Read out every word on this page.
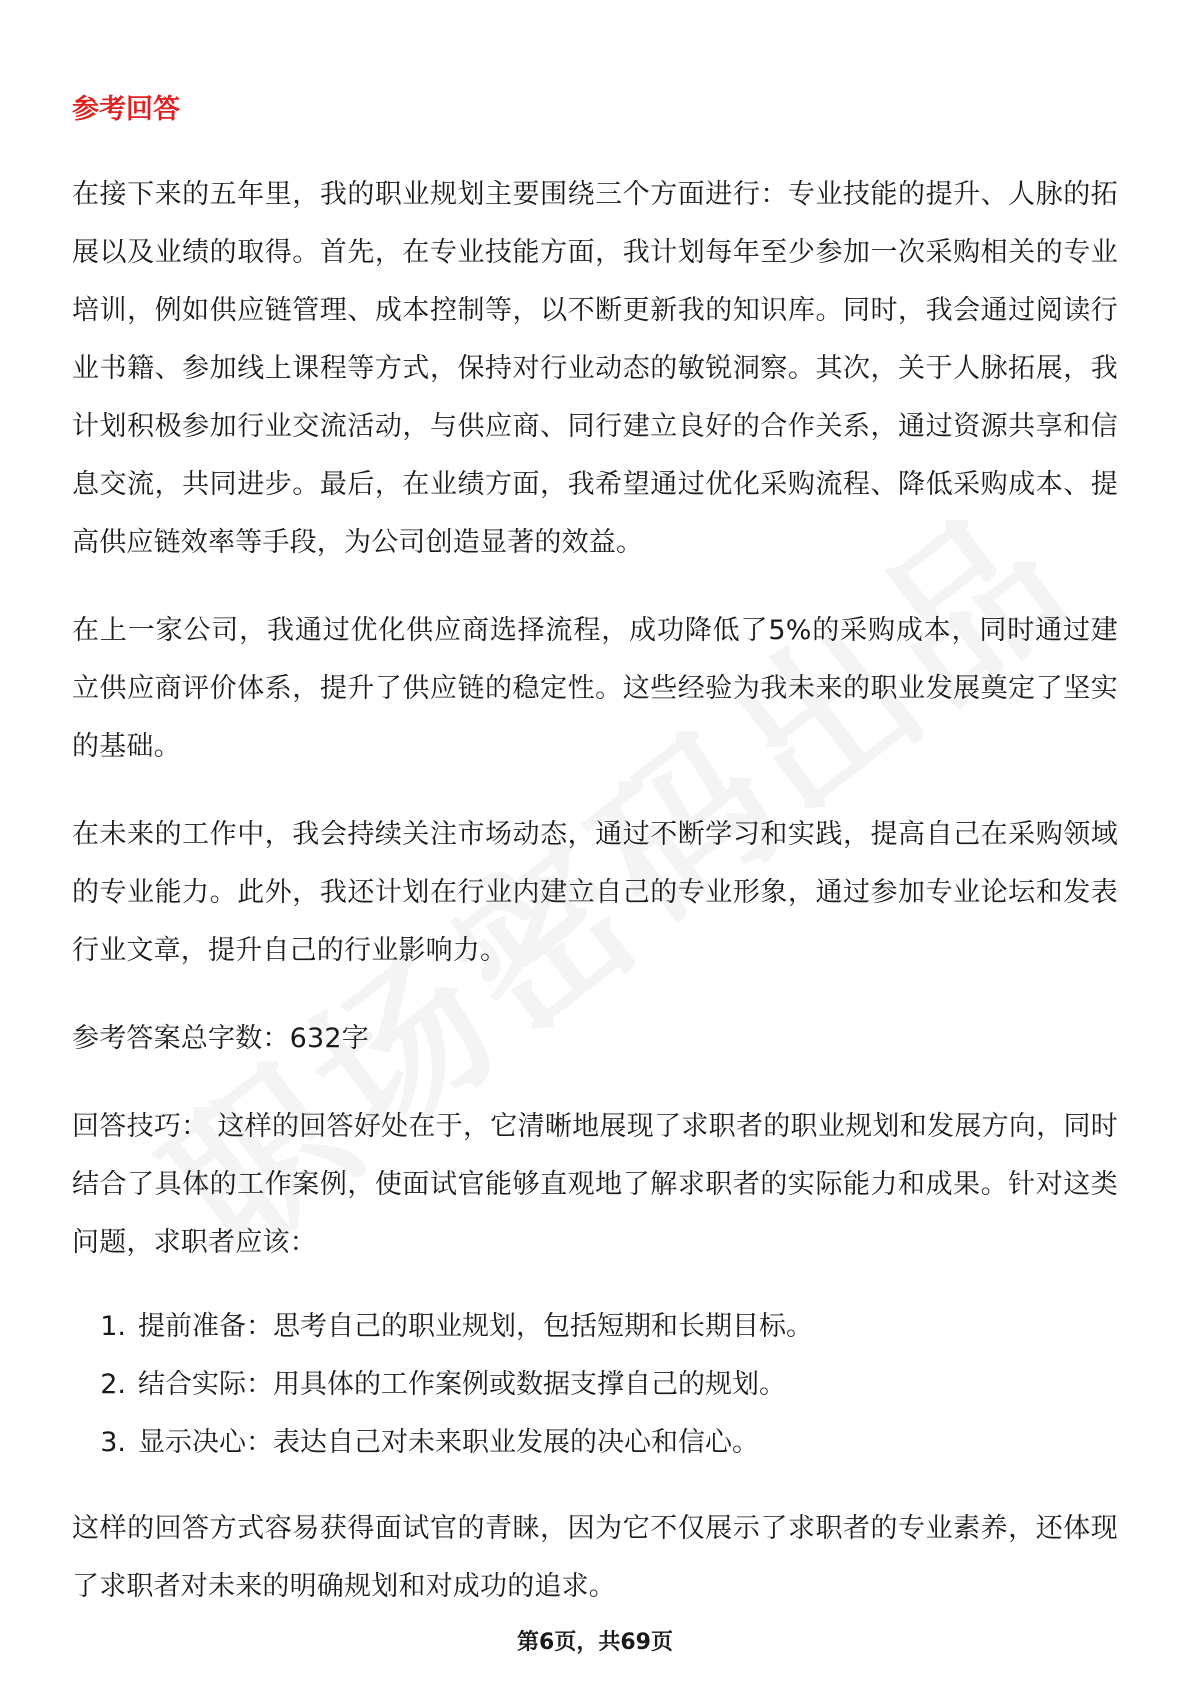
参考回答

在接下来的五年里，我的职业规划主要围绕三个方面进行：专业技能的提升、人脉的拓展以及业绩的取得。首先，在专业技能方面，我计划每年至少参加一次采购相关的专业培训，例如供应链管理、成本控制等，以不断更新我的知识库。同时，我会通过阅读行业书籍、参加线上课程等方式，保持对行业动态的敏锐洞察。其次，关于人脉拓展，我计划积极参加行业交流活动，与供应商、同行建立良好的合作关系，通过资源共享和信息交流，共同进步。最后，在业绩方面，我希望通过优化采购流程、降低采购成本、提高供应链效率等手段，为公司创造显著的效益。

在上一家公司，我通过优化供应商选择流程，成功降低了5%的采购成本，同时通过建立供应商评价体系，提升了供应链的稳定性。这些经验为我未来的职业发展奠定了坚实的基础。

在未来的工作中，我会持续关注市场动态，通过不断学习和实践，提高自己在采购领域的专业能力。此外，我还计划在行业内建立自己的专业形象，通过参加专业论坛和发表行业文章，提升自己的行业影响力。

参考答案总字数：632字

回答技巧： 这样的回答好处在于，它清晰地展现了求职者的职业规划和发展方向，同时结合了具体的工作案例，使面试官能够直观地了解求职者的实际能力和成果。针对这类问题，求职者应该：

1. 提前准备：思考自己的职业规划，包括短期和长期目标。
2. 结合实际：用具体的工作案例或数据支撑自己的规划。
3. 显示决心：表达自己对未来职业发展的决心和信心。

这样的回答方式容易获得面试官的青睐，因为它不仅展示了求职者的专业素养，还体现了求职者对未来的明确规划和对成功的追求。

第6页，共69页
